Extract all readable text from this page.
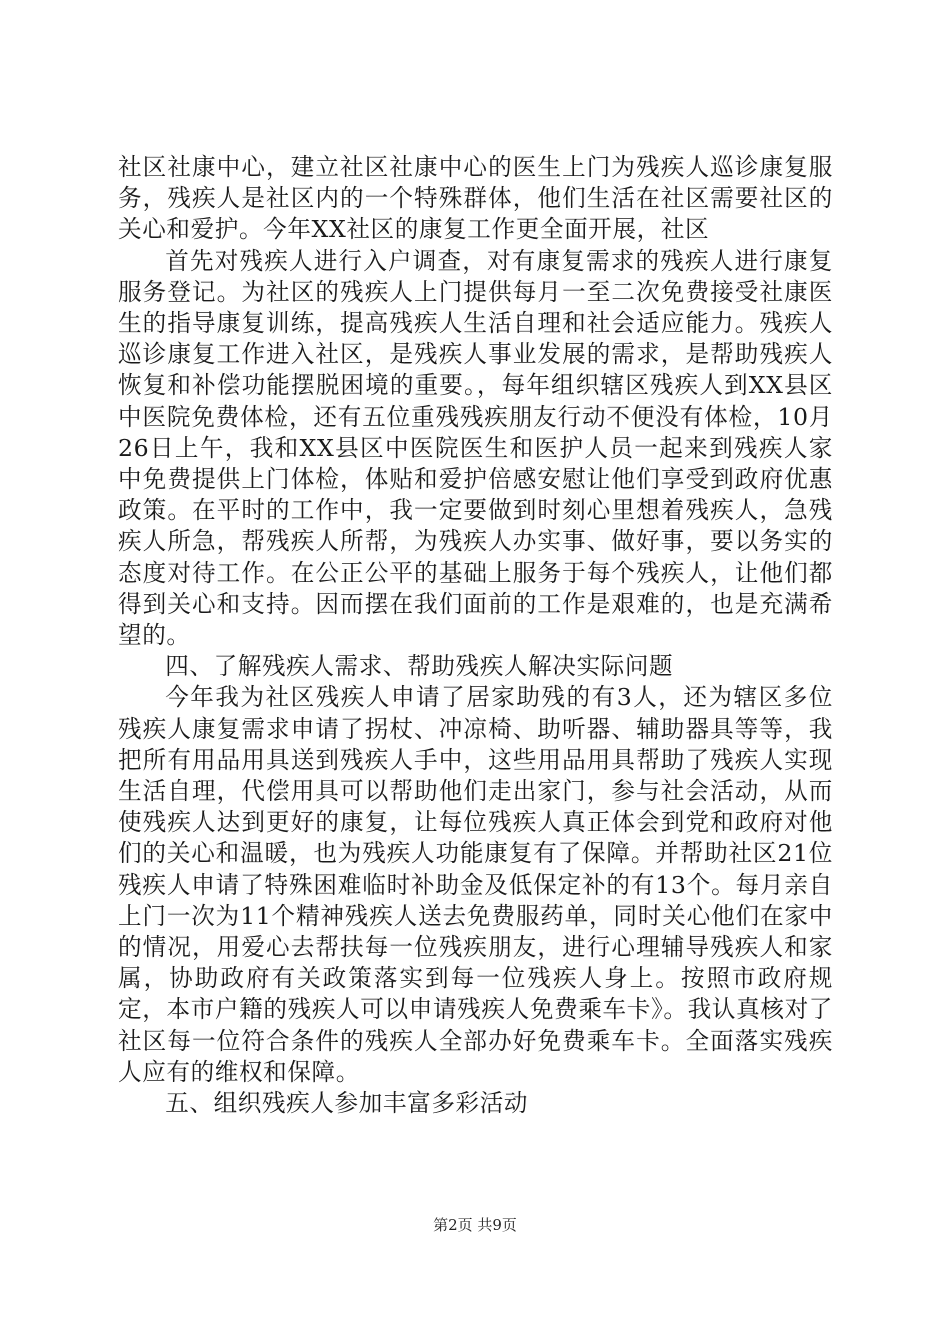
社区社康中心，建立社区社康中心的医生上门为残疾人巡诊康复服务，残疾人是社区内的一个特殊群体，他们生活在社区需要社区的关心和爱护。今年XX社区的康复工作更全面开展，社区

首先对残疾人进行入户调查，对有康复需求的残疾人进行康复服务登记。为社区的残疾人上门提供每月一至二次免费接受社康医生的指导康复训练，提高残疾人生活自理和社会适应能力。残疾人巡诊康复工作进入社区，是残疾人事业发展的需求，是帮助残疾人恢复和补偿功能摆脱困境的重要。，每年组织辖区残疾人到XX县区中医院免费体检，还有五位重残残疾朋友行动不便没有体检，10月26日上午，我和XX县区中医院医生和医护人员一起来到残疾人家中免费提供上门体检，体贴和爱护倍感安慰让他们享受到政府优惠政策。在平时的工作中，我一定要做到时刻心里想着残疾人，急残疾人所急，帮残疾人所帮，为残疾人办实事、做好事，要以务实的态度对待工作。在公正公平的基础上服务于每个残疾人，让他们都得到关心和支持。因而摆在我们面前的工作是艰难的，也是充满希望的。

四、了解残疾人需求、帮助残疾人解决实际问题

今年我为社区残疾人申请了居家助残的有3人，还为辖区多位残疾人康复需求申请了拐杖、冲凉椅、助听器、辅助器具等等，我把所有用品用具送到残疾人手中，这些用品用具帮助了残疾人实现生活自理，代偿用具可以帮助他们走出家门，参与社会活动，从而使残疾人达到更好的康复，让每位残疾人真正体会到党和政府对他们的关心和温暖，也为残疾人功能康复有了保障。并帮助社区21位残疾人申请了特殊困难临时补助金及低保定补的有13个。每月亲自上门一次为11个精神残疾人送去免费服药单，同时关心他们在家中的情况，用爱心去帮扶每一位残疾朋友，进行心理辅导残疾人和家属，协助政府有关政策落实到每一位残疾人身上。按照市政府规定，本市户籍的残疾人可以申请残疾人免费乘车卡》。我认真核对了社区每一位符合条件的残疾人全部办好免费乘车卡。全面落实残疾人应有的维权和保障。

五、组织残疾人参加丰富多彩活动

第2页 共9页
